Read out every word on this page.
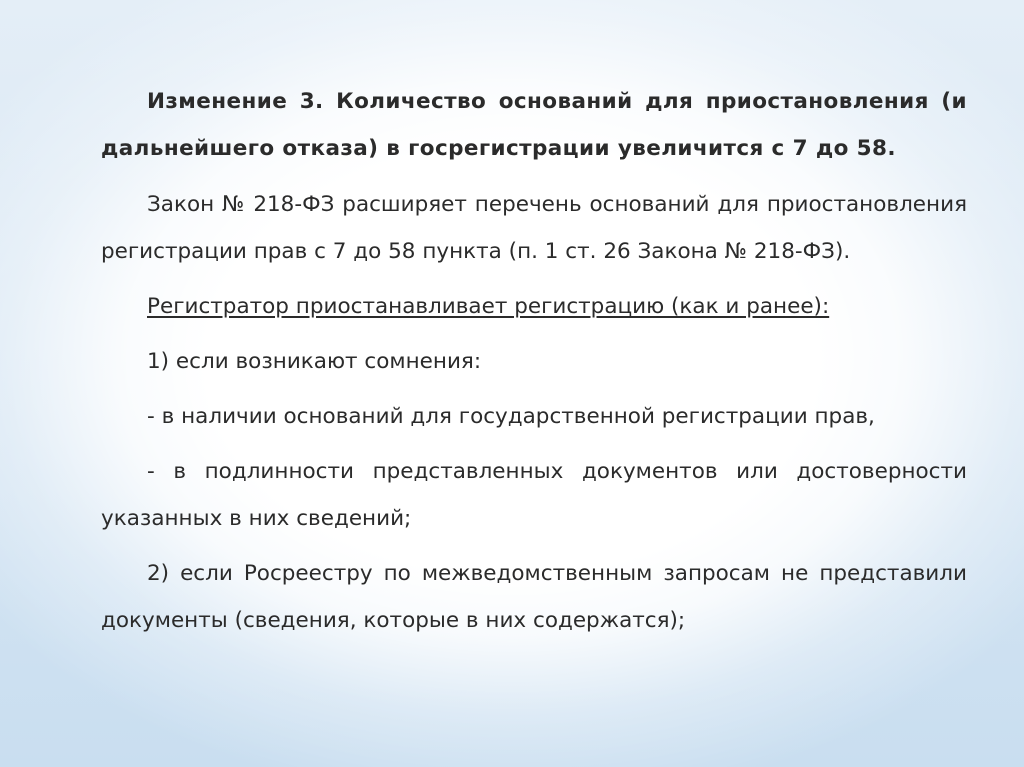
Изменение 3. Количество оснований для приостановления (и дальнейшего отказа) в госрегистрации увеличится с 7 до 58.

Закон № 218-ФЗ расширяет перечень оснований для приостановления регистрации прав с 7 до 58 пункта (п. 1 ст. 26 Закона № 218-ФЗ).

Регистратор приостанавливает регистрацию (как и ранее):

1) если возникают сомнения:

- в наличии оснований для государственной регистрации прав,

- в подлинности представленных документов или достоверности указанных в них сведений;

2) если Росреестру по межведомственным запросам не представили документы (сведения, которые в них содержатся);
